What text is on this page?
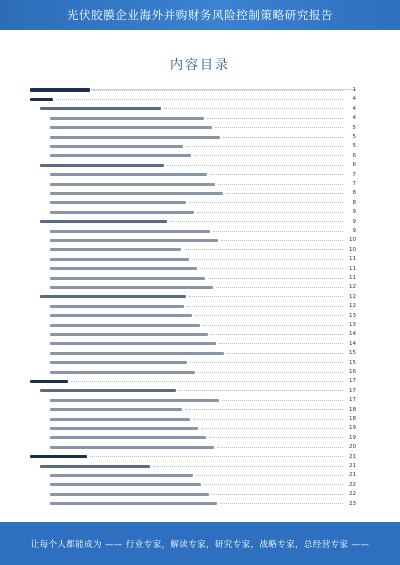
光伏胶膜企业海外并购财务风险控制策略研究报告
内容目录
1
4
4
4
5
5
5
6
6
7
7
8
8
9
9
9
10
10
11
11
11
12
12
12
13
13
14
14
15
15
16
17
17
17
18
18
19
19
20
21
21
21
22
22
23
让每个人都能成为 —— 行业专家，解读专家，研究专家，战略专家，总经营专家 ——
